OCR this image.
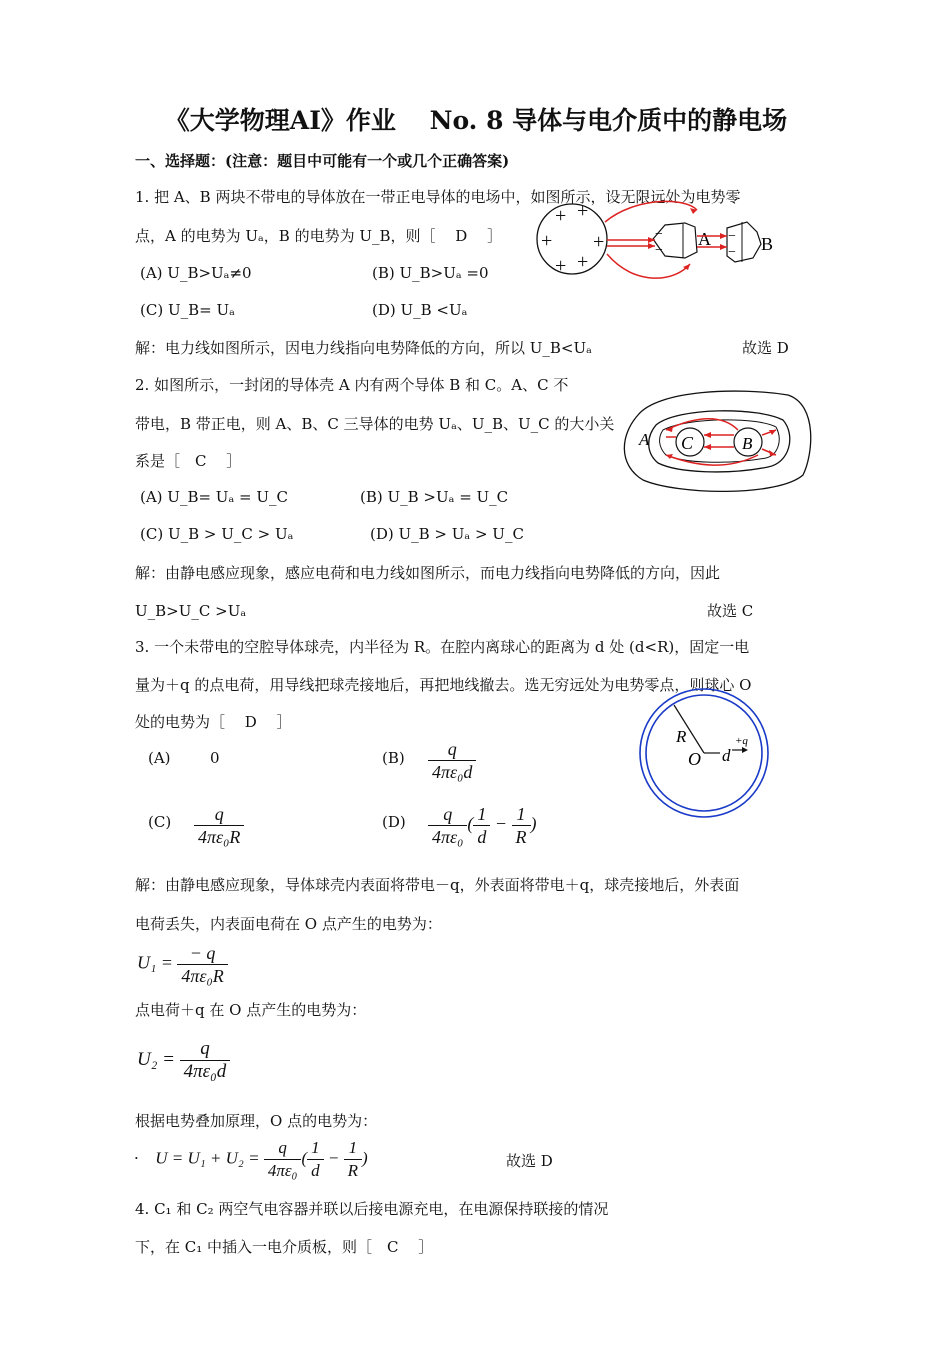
《大学物理AI》作业　 No. 8 导体与电介质中的静电场
一、选择题：(注意：题目中可能有一个或几个正确答案)
1. 把 A、B 两块不带电的导体放在一带正电导体的电场中，如图所示，设无限远处为电势零
点，A 的电势为 Uₐ，B 的电势为 U_B，则［　 D　 ］
(A) U_B>Uₐ≠0	(B) U_B>Uₐ =0
(C) U_B= Uₐ	(D) U_B <Uₐ
解：电力线如图所示，因电力线指向电势降低的方向，所以 U_B<Uₐ	故选 D
+ +
+ +
+ +
−
−
A −
− B
2. 如图所示，一封闭的导体壳 A 内有两个导体 B 和 C。A、C 不
带电，B 带正电，则 A、B、C 三导体的电势 Uₐ、U_B、U_C 的大小关
系是［　C　 ］
(A) U_B= Uₐ = U_C	(B) U_B >Uₐ = U_C
(C) U_B > U_C > Uₐ	(D) U_B > Uₐ > U_C
解：由静电感应现象，感应电荷和电力线如图所示，而电力线指向电势降低的方向，因此
U_B>U_C >Uₐ	故选 C
C	B
A
3. 一个未带电的空腔导体球壳，内半径为 R。在腔内离球心的距离为 d 处 (d<R)，固定一电
量为＋q 的点电荷，用导线把球壳接地后，再把地线撤去。选无穷远处为电势零点，则球心 O
处的电势为［　 D　 ］
(A)	0	$(B) \frac{q}{\text{4πε₀d}}$
$(C) \frac{q}{\text{4πε₀R}}$	$(D) \frac{q}{\text{4πε₀}}$ ( $\frac{1}{d} - \frac{1}{R}$ )
R
O d
+q
解：由静电感应现象，导体球壳内表面将带电－q，外表面将带电＋q，球壳接地后，外表面
电荷丢失，内表面电荷在 O 点产生的电势为：
$U_1 = \frac{- q}{\text{4πε₀R}}$
点电荷＋q 在 O 点产生的电势为：
$U_2 = \frac{q}{\text{4πε₀d}}$
根据电势叠加原理，O 点的电势为：
·　$U = U_1 + U_2 = \frac{q}{\text{4πε₀}}$ ( $\frac{1}{d} - \frac{1}{R}$ )	故选 D
4. C₁ 和 C₂ 两空气电容器并联以后接电源充电，在电源保持联接的情况
下，在 C₁ 中插入一电介质板，则［　C　 ］
